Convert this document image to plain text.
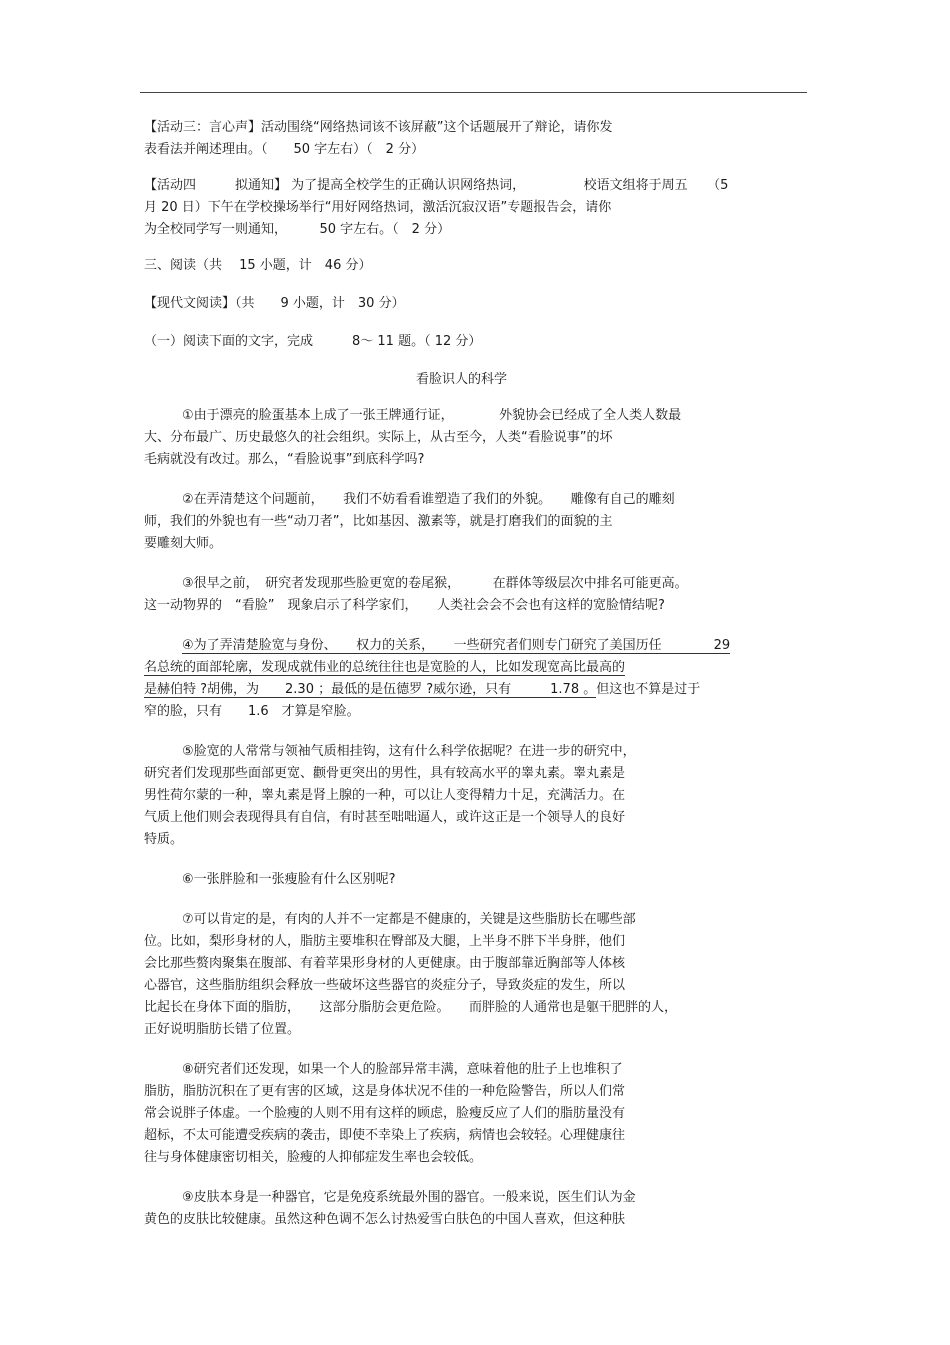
【活动三：言心声】活动围绕“网络热词该不该屏蔽”这个话题展开了辩论，请你发
表看法并阐述理由。（　　50 字左右）（　2 分）
【活动四　　　拟通知】 为了提高全校学生的正确认识网络热词，　　　　　校语文组将于周五　　（5
月 20 日）下午在学校操场举行“用好网络热词，激活沉寂汉语”专题报告会，请你
为全校同学写一则通知，　　　50 字左右。（　2 分）
三、阅读（共　 15 小题，计　46 分）
【现代文阅读】（共　　9 小题，计　30 分）
（一）阅读下面的文字，完成　　　8～ 11 题。（ 12 分）
看脸识人的科学
①由于漂亮的脸蛋基本上成了一张王牌通行证，　　　　外貌协会已经成了全人类人数最
大、分布最广、历史最悠久的社会组织。实际上，从古至今，人类“看脸说事”的坏
毛病就没有改过。那么，“看脸说事”到底科学吗?
②在弄清楚这个问题前，　　我们不妨看看谁塑造了我们的外貌。　　雕像有自己的雕刻
师，我们的外貌也有一些“动刀者”，比如基因、激素等，就是打磨我们的面貌的主
要雕刻大师。
③很早之前，　研究者发现那些脸更宽的卷尾猴，　　　在群体等级层次中排名可能更高。
这一动物界的　“看脸”　现象启示了科学家们，　　人类社会会不会也有这样的宽脸情结呢?
④为了弄清楚脸宽与身份、　　权力的关系，　　一些研究者们则专门研究了美国历任　　　　29
名总统的面部轮廓，发现成就伟业的总统往往也是宽脸的人，比如发现宽高比最高的
是赫伯特 ?胡佛，为　　2.30 ；最低的是伍德罗 ?威尔逊，只有　　　1.78 。但这也不算是过于
窄的脸，只有　　1.6　才算是窄脸。
⑤脸宽的人常常与领袖气质相挂钩，这有什么科学依据呢？在进一步的研究中，
研究者们发现那些面部更宽、颧骨更突出的男性，具有较高水平的睾丸素。睾丸素是
男性荷尔蒙的一种，睾丸素是肾上腺的一种，可以让人变得精力十足，充满活力。在
气质上他们则会表现得具有自信，有时甚至咄咄逼人，或许这正是一个领导人的良好
特质。
⑥一张胖脸和一张瘦脸有什么区别呢?
⑦可以肯定的是，有肉的人并不一定都是不健康的，关键是这些脂肪长在哪些部
位。比如，梨形身材的人，脂肪主要堆积在臀部及大腿，上半身不胖下半身胖，他们
会比那些赘肉聚集在腹部、有着苹果形身材的人更健康。由于腹部靠近胸部等人体核
心器官，这些脂肪组织会释放一些破坏这些器官的炎症分子，导致炎症的发生，所以
比起长在身体下面的脂肪，　　这部分脂肪会更危险。　　而胖脸的人通常也是躯干肥胖的人，
正好说明脂肪长错了位置。
⑧研究者们还发现，如果一个人的脸部异常丰满，意味着他的肚子上也堆积了
脂肪，脂肪沉积在了更有害的区域，这是身体状况不佳的一种危险警告，所以人们常
常会说胖子体虚。一个脸瘦的人则不用有这样的顾虑，脸瘦反应了人们的脂肪量没有
超标，不太可能遭受疾病的袭击，即使不幸染上了疾病，病情也会较轻。心理健康往
往与身体健康密切相关，脸瘦的人抑郁症发生率也会较低。
⑨皮肤本身是一种器官，它是免疫系统最外围的器官。一般来说，医生们认为金
黄色的皮肤比较健康。虽然这种色调不怎么讨热爱雪白肤色的中国人喜欢，但这种肤
